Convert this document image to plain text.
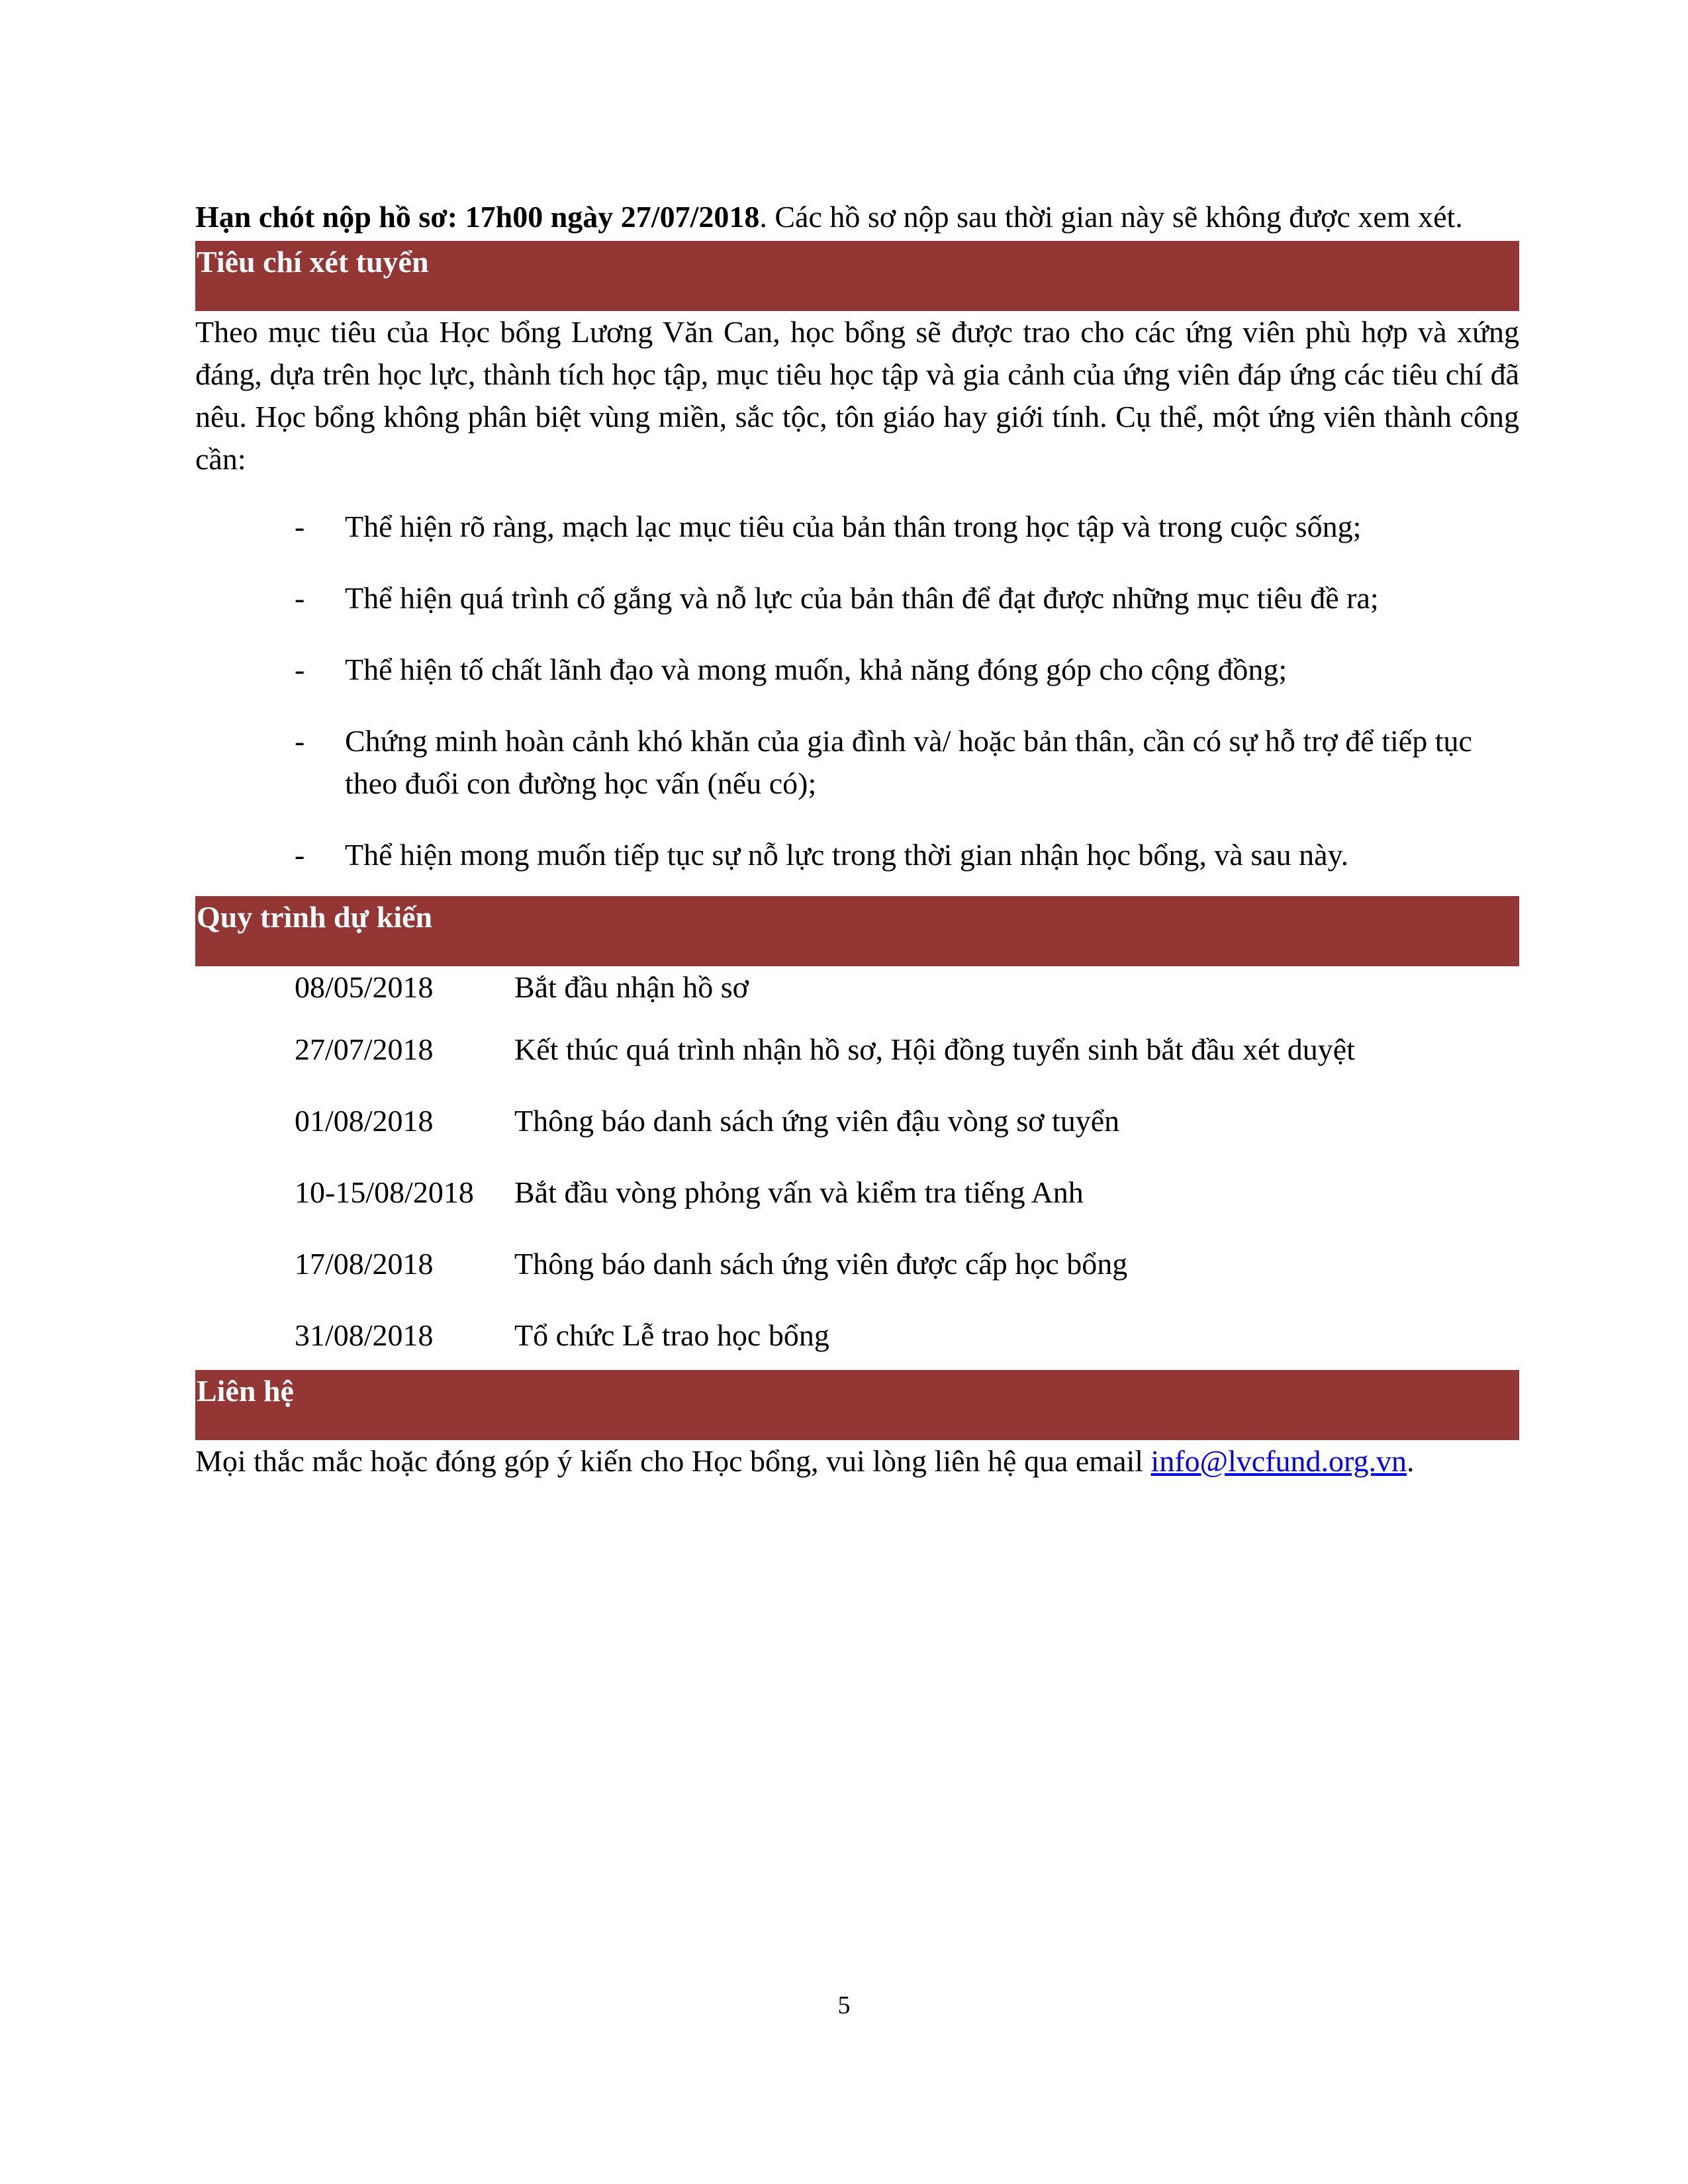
Hạn chót nộp hồ sơ: 17h00 ngày 27/07/2018. Các hồ sơ nộp sau thời gian này sẽ không được xem xét.

Tiêu chí xét tuyển

Theo mục tiêu của Học bổng Lương Văn Can, học bổng sẽ được trao cho các ứng viên phù hợp và xứng đáng, dựa trên học lực, thành tích học tập, mục tiêu học tập và gia cảnh của ứng viên đáp ứng các tiêu chí đã nêu. Học bổng không phân biệt vùng miền, sắc tộc, tôn giáo hay giới tính. Cụ thể, một ứng viên thành công cần:

- Thể hiện rõ ràng, mạch lạc mục tiêu của bản thân trong học tập và trong cuộc sống;
- Thể hiện quá trình cố gắng và nỗ lực của bản thân để đạt được những mục tiêu đề ra;
- Thể hiện tố chất lãnh đạo và mong muốn, khả năng đóng góp cho cộng đồng;
- Chứng minh hoàn cảnh khó khăn của gia đình và/ hoặc bản thân, cần có sự hỗ trợ để tiếp tục theo đuổi con đường học vấn (nếu có);
- Thể hiện mong muốn tiếp tục sự nỗ lực trong thời gian nhận học bổng, và sau này.
Quy trình dự kiến
08/05/2018	Bắt đầu nhận hồ sơ
27/07/2018	Kết thúc quá trình nhận hồ sơ, Hội đồng tuyển sinh bắt đầu xét duyệt
01/08/2018	Thông báo danh sách ứng viên đậu vòng sơ tuyển
10-15/08/2018	Bắt đầu vòng phỏng vấn và kiểm tra tiếng Anh
17/08/2018	Thông báo danh sách ứng viên được cấp học bổng
31/08/2018	Tổ chức Lễ trao học bổng
Liên hệ

Mọi thắc mắc hoặc đóng góp ý kiến cho Học bổng, vui lòng liên hệ qua email info@lvcfund.org.vn.

5
